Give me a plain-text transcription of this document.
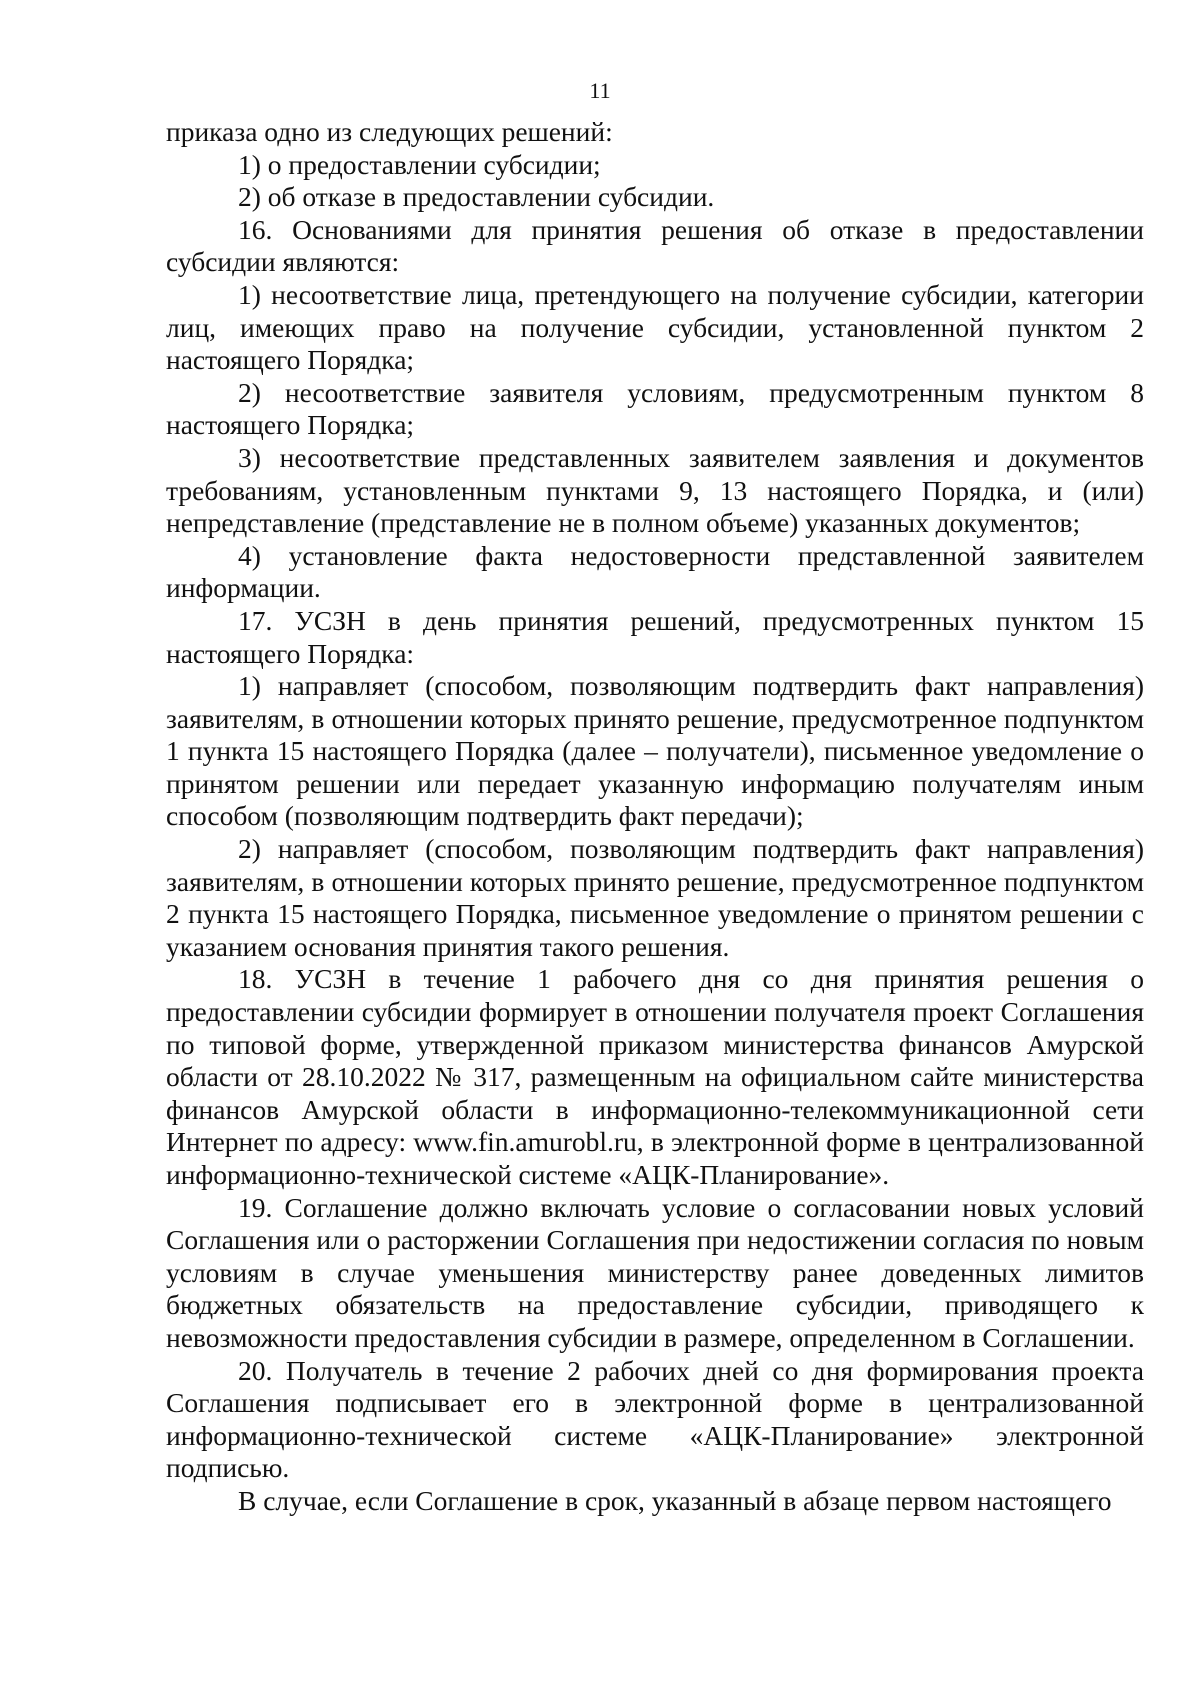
11

приказа одно из следующих решений:

1) о предоставлении субсидии;

2) об отказе в предоставлении субсидии.

16. Основаниями для принятия решения об отказе в предоставлении субсидии являются:

1) несоответствие лица, претендующего на получение субсидии, категории лиц, имеющих право на получение субсидии, установленной пунктом 2 настоящего Порядка;

2) несоответствие заявителя условиям, предусмотренным пунктом 8 настоящего Порядка;

3) несоответствие представленных заявителем заявления и документов требованиям, установленным пунктами 9, 13 настоящего Порядка, и (или) непредставление (представление не в полном объеме) указанных документов;

4) установление факта недостоверности представленной заявителем информации.

17. УСЗН в день принятия решений, предусмотренных пунктом 15 настоящего Порядка:

1) направляет (способом, позволяющим подтвердить факт направления) заявителям, в отношении которых принято решение, предусмотренное подпунктом 1 пункта 15 настоящего Порядка (далее – получатели), письменное уведомление о принятом решении или передает указанную информацию получателям иным способом (позволяющим подтвердить факт передачи);

2) направляет (способом, позволяющим подтвердить факт направления) заявителям, в отношении которых принято решение, предусмотренное подпунктом 2 пункта 15 настоящего Порядка, письменное уведомление о принятом решении с указанием основания принятия такого решения.

18. УСЗН в течение 1 рабочего дня со дня принятия решения о предоставлении субсидии формирует в отношении получателя проект Соглашения по типовой форме, утвержденной приказом министерства финансов Амурской области от 28.10.2022 № 317, размещенным на официальном сайте министерства финансов Амурской области в информационно-телекоммуникационной сети Интернет по адресу: www.fin.amurobl.ru, в электронной форме в централизованной информационно-технической системе «АЦК-Планирование».

19. Соглашение должно включать условие о согласовании новых условий Соглашения или о расторжении Соглашения при недостижении согласия по новым условиям в случае уменьшения министерству ранее доведенных лимитов бюджетных обязательств на предоставление субсидии, приводящего к невозможности предоставления субсидии в размере, определенном в Соглашении.

20. Получатель в течение 2 рабочих дней со дня формирования проекта Соглашения подписывает его в электронной форме в централизованной информационно-технической системе «АЦК-Планирование» электронной подписью.

В случае, если Соглашение в срок, указанный в абзаце первом настоящего
